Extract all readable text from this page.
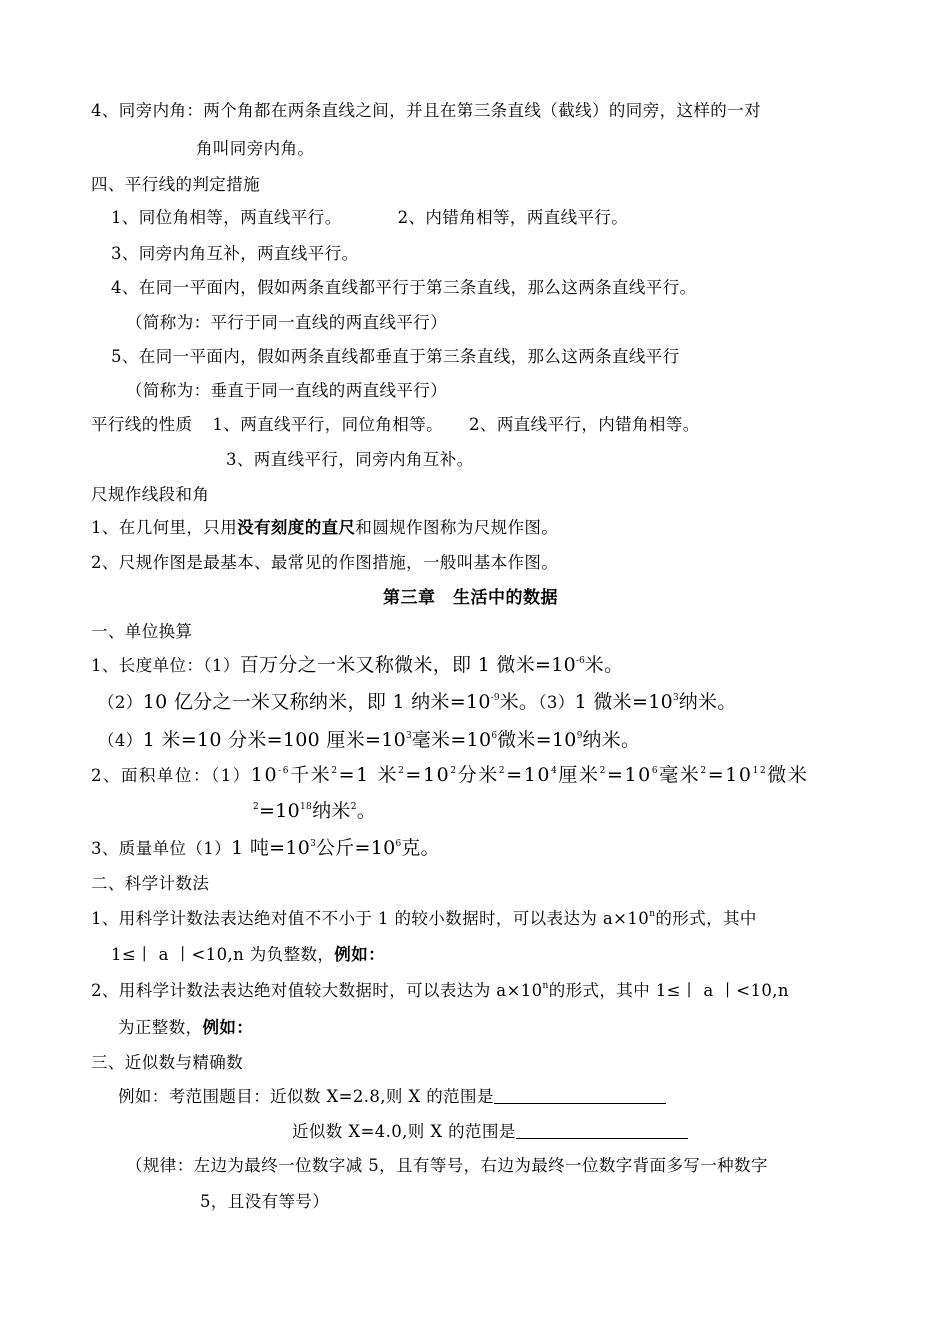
4、同旁内角：两个角都在两条直线之间，并且在第三条直线（截线）的同旁，这样的一对
角叫同旁内角。
四、平行线的判定措施
1、同位角相等，两直线平行。	2、内错角相等，两直线平行。
3、同旁内角互补，两直线平行。
4、在同一平面内，假如两条直线都平行于第三条直线，那么这两条直线平行。
（简称为：平行于同一直线的两直线平行）
5、在同一平面内，假如两条直线都垂直于第三条直线，那么这两条直线平行
（简称为：垂直于同一直线的两直线平行）
平行线的性质 1、两直线平行，同位角相等。 2、两直线平行，内错角相等。
3、两直线平行，同旁内角互补。
尺规作线段和角
1、在几何里，只用没有刻度的直尺和圆规作图称为尺规作图。
2、尺规作图是最基本、最常见的作图措施，一般叫基本作图。
第三章　生活中的数据
一、单位换算
1、长度单位：（1）百万分之一米又称微米，即 1 微米$=10^{-6}$米。
（2）10 亿分之一米又称纳米，即 1 纳米$=10^{-9}$米。（3）1 微米$=10^3$纳米。
（4）1 米=10 分米=100 厘米$=10^3$毫米$=10^6$微米$=10^9$纳米。
2、面积单位：$(1)10^{-6}$千米$^2$=1 米$^2=10^2$分米$^2=10^4$厘米$^2=10^6$毫米$^2=10^{12}$微米
$^2=10^{18}$纳米$^2$。
3、质量单位（1）1 吨$=10^3$公斤$=10^6$克。
二、科学计数法
1、用科学计数法表达绝对值不不小于 1 的较小数据时，可以表达为 $a\times 10^n$的形式，其中
1≤丨 a 丨<10,n 为负整数，例如：
2、用科学计数法表达绝对值较大数据时，可以表达为 $a\times 10^n$的形式，其中 1≤丨 a 丨<10,n
为正整数，例如：
三、近似数与精确数
例如：考范围题目：近似数 X=2.8,则 X 的范围是
近似数 X=4.0,则 X 的范围是
（规律：左边为最终一位数字减 5，且有等号，右边为最终一位数字背面多写一种数字
5，且没有等号）
